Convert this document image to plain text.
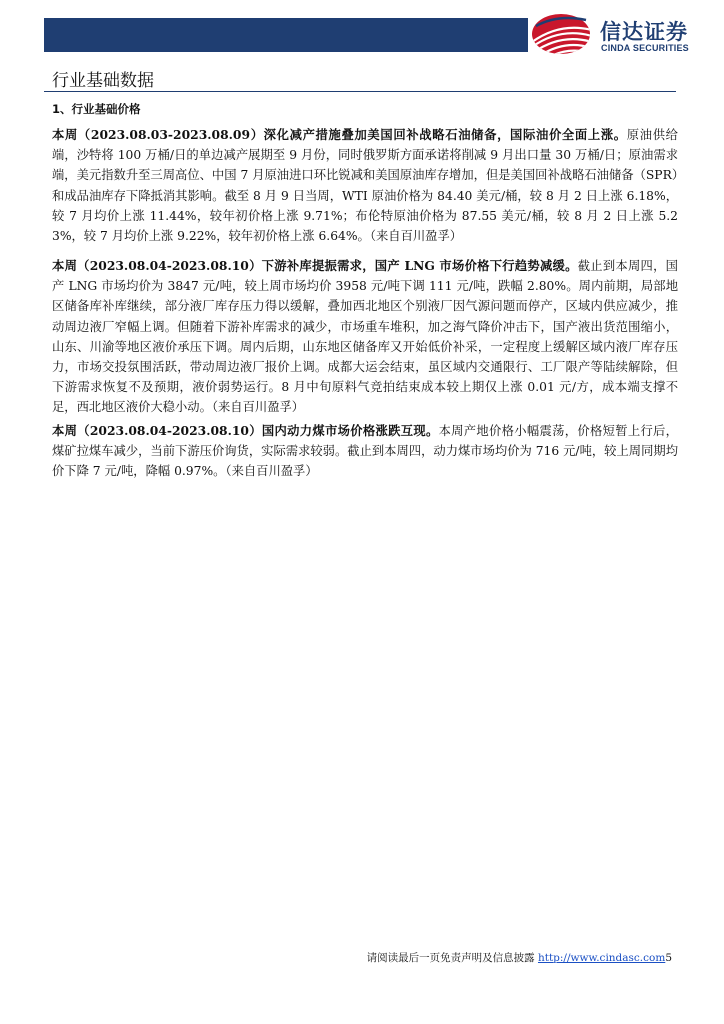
信达证券
CINDA SECURITIES
行业基础数据
1、行业基础价格
本周（2023.08.03-2023.08.09）深化减产措施叠加美国回补战略石油储备，国际油价全面上涨。原油供给端，沙特将 100 万桶/日的单边减产展期至 9 月份，同时俄罗斯方面承诺将削减 9 月出口量 30 万桶/日；原油需求端，美元指数升至三周高位、中国 7 月原油进口环比锐减和美国原油库存增加，但是美国回补战略石油储备（SPR）和成品油库存下降抵消其影响。截至 8 月 9 日当周，WTI 原油价格为 84.40 美元/桶，较 8 月 2 日上涨 6.18%，较 7 月均价上涨 11.44%，较年初价格上涨 9.71%；布伦特原油价格为 87.55 美元/桶，较 8 月 2 日上涨 5.23%，较 7 月均价上涨 9.22%，较年初价格上涨 6.64%。（来自百川盈孚）
本周（2023.08.04-2023.08.10）下游补库提振需求，国产 LNG 市场价格下行趋势减缓。截止到本周四，国产 LNG 市场均价为 3847 元/吨，较上周市场均价 3958 元/吨下调 111 元/吨，跌幅 2.80%。周内前期，局部地区储备库补库继续，部分液厂库存压力得以缓解，叠加西北地区个别液厂因气源问题而停产，区域内供应减少，推动周边液厂窄幅上调。但随着下游补库需求的减少，市场重车堆积，加之海气降价冲击下，国产液出货范围缩小，山东、川渝等地区液价承压下调。周内后期，山东地区储备库又开始低价补采，一定程度上缓解区域内液厂库存压力，市场交投氛围活跃，带动周边液厂报价上调。成都大运会结束，虽区域内交通限行、工厂限产等陆续解除，但下游需求恢复不及预期，液价弱势运行。8 月中旬原料气竞拍结束成本较上期仅上涨 0.01 元/方，成本端支撑不足，西北地区液价大稳小动。（来自百川盈孚）
本周（2023.08.04-2023.08.10）国内动力煤市场价格涨跌互现。本周产地价格小幅震荡，价格短暂上行后，煤矿拉煤车减少，当前下游压价询货，实际需求较弱。截止到本周四，动力煤市场均价为 716 元/吨，较上周同期均价下降 7 元/吨，降幅 0.97%。（来自百川盈孚）
请阅读最后一页免责声明及信息披露 http://www.cindasc.com5
